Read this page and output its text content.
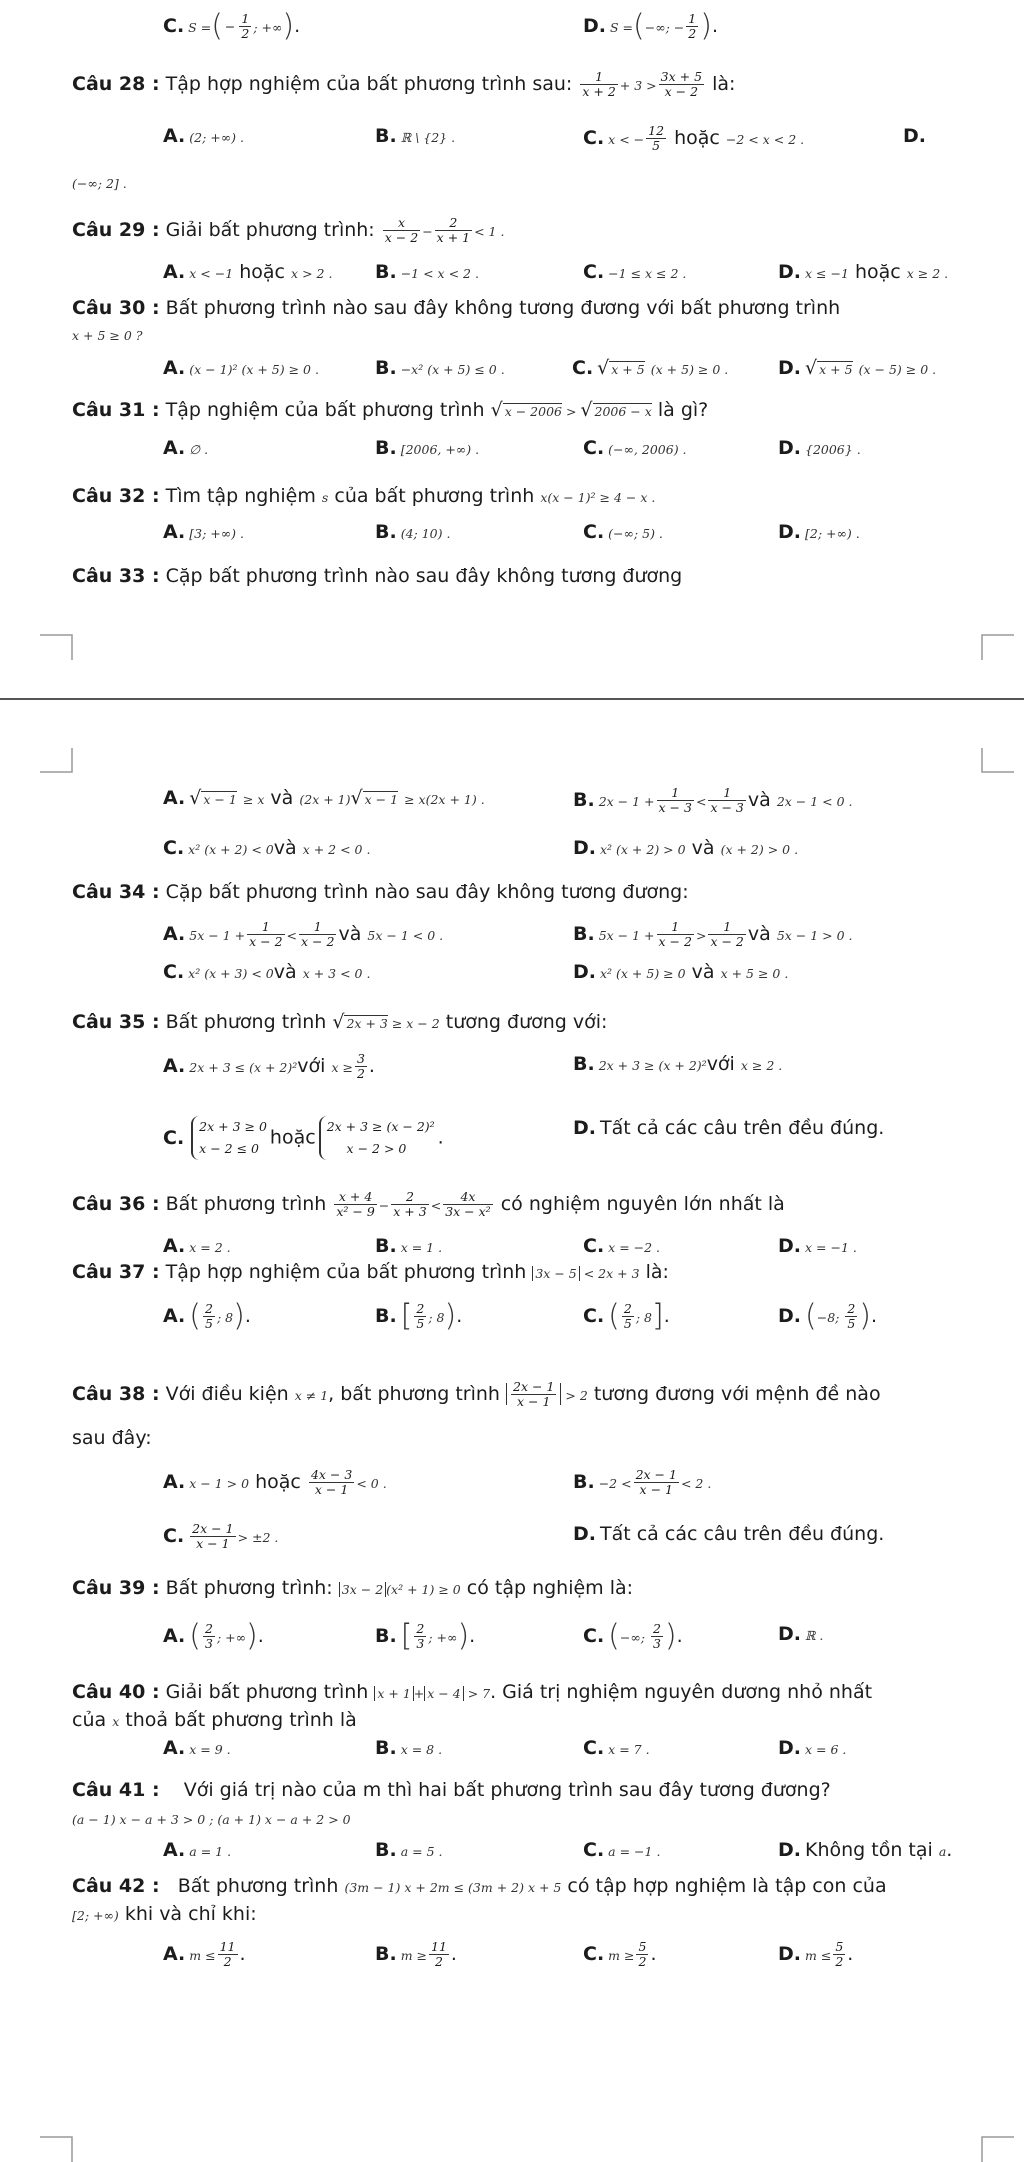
C. S =( − $\frac{1}{2}$ ; +∞).	D. S =(−∞; − $\frac{1}{2}$ ).
Câu 28 : Tập hợp nghiệm của bất phương trình sau: $\frac{1}{x + 2} + 3 > \frac{3x + 5}{x - 2}$ là:
A. (2; +∞) .	B. ℝ \ {2} .	C. x < − $\frac{12}{5}$ hoặc −2 < x < 2 .	D.
(−∞; 2] .
Câu 29 : Giải bất phương trình: $\frac{x}{x - 2} - \frac{2}{x + 1} < 1$ .
A. x < −1 hoặc x > 2 . B. −1 < x < 2 .	C. −1 ≤ x ≤ 2 .	D. x ≤ −1 hoặc x ≥ 2 .
Câu 30 : Bất phương trình nào sau đây không tương đương với bất phương trình
x + 5 ≥ 0 ?
A. (x − 1)² (x + 5) ≥ 0 .	B. −x² (x + 5) ≤ 0 .	C. √ x + 5 (x + 5) ≥ 0 .	D. √ x + 5 (x − 5) ≥ 0 .
Câu 31 : Tập nghiệm của bất phương trình √ x − 2006 > √ 2006 − x là gì?
A. ∅ .	B. [2006, +∞) .	C. (−∞, 2006) .	D. {2006} .
Câu 32 : Tìm tập nghiệm s của bất phương trình x(x − 1)² ≥ 4 − x .
A. [3; +∞) .	B. (4; 10) .	C. (−∞; 5) .	D. [2; +∞) .
Câu 33 : Cặp bất phương trình nào sau đây không tương đương
A. √ x − 1 ≥ x và (2x + 1)√ x − 1 ≥ x(2x + 1) .	B. $2x - 1 + \frac{1}{x - 3} < \frac{1}{x - 3}$ và 2x − 1 < 0 .
C. x² (x + 2) < 0và x + 2 < 0 .	D. x² (x + 2) > 0 và (x + 2) > 0 .
Câu 34 : Cặp bất phương trình nào sau đây không tương đương:
A. $5x - 1 + \frac{1}{x - 2} < \frac{1}{x - 2}$ và 5x − 1 < 0 .	B. $5x - 1 + \frac{1}{x - 2} > \frac{1}{x - 2}$ và 5x − 1 > 0 .
C. x² (x + 3) < 0và x + 3 < 0 .	D. x² (x + 5) ≥ 0 và x + 5 ≥ 0 .
Câu 35 : Bất phương trình √ 2x + 3 ≥ x − 2 tương đương với:
A. 2x + 3 ≤ (x + 2)²với $x \ge \frac{3}{2}$ .	B. 2x + 3 ≥ (x + 2)²với x ≥ 2 .
C. 2x + 3 ≥ 0
x − 2 ≤ 0 hoặc 2x + 3 ≥ (x − 2)²
x − 2 > 0 .	D. Tất cả các câu trên đều đúng.
Câu 36 : Bất phương trình $\frac{x + 4}{\text{x² − 9}} - \frac{2}{x + 3} < \frac{4x}{\text{3x − x²}}$ có nghiệm nguyên lớn nhất là
A. x = 2 .	B. x = 1 .	C. x = −2 .	D. x = −1 .
Câu 37 : Tập hợp nghiệm của bất phương trình 3x − 5 < 2x + 3 là:
A. ( $\frac{2}{5}$ ; 8).	B. [ $\frac{2}{5}$ ; 8).	C. ( $\frac{2}{5}$ ; 8].	D. (−8; $\frac{2}{5}$ ).
Câu 38 : Với điều kiện x ≠ 1, bất phương trình $\frac{2x - 1}{x - 1} > 2$ tương đương với mệnh đề nào
sau đây:
A. x − 1 > 0 hoặc $\frac{4x - 3}{x - 1} < 0$ .	B. $-2 < \frac{2x - 1}{x - 1} < 2$ .
C. $\frac{2x - 1}{x - 1} > \pm 2$ .	D. Tất cả các câu trên đều đúng.
Câu 39 : Bất phương trình: 3x − 2 (x² + 1) ≥ 0 có tập nghiệm là:
A. ( $\frac{2}{3}$ ; +∞).	B. [ $\frac{2}{3}$ ; +∞).	C. (−∞; $\frac{2}{3}$ ).	D. ℝ .
Câu 40 : Giải bất phương trình x + 1 + x − 4 > 7. Giá trị nghiệm nguyên dương nhỏ nhất
của x thoả bất phương trình là
A. x = 9 .	B. x = 8 .	C. x = 7 .	D. x = 6 .
Câu 41 : Với giá trị nào của m thì hai bất phương trình sau đây tương đương?
(a − 1) x − a + 3 > 0 ; (a + 1) x − a + 2 > 0
A. a = 1 .	B. a = 5 .	C. a = −1 .	D. Không tồn tại a.
Câu 42 : Bất phương trình (3m − 1) x + 2m ≤ (3m + 2) x + 5 có tập hợp nghiệm là tập con của
[2; +∞) khi và chỉ khi:
A. $m \le \frac{11}{2}$ .	B. $m \ge \frac{11}{2}$ .	C. $m \ge \frac{5}{2}$ .	D. $m \le \frac{5}{2}$ .
